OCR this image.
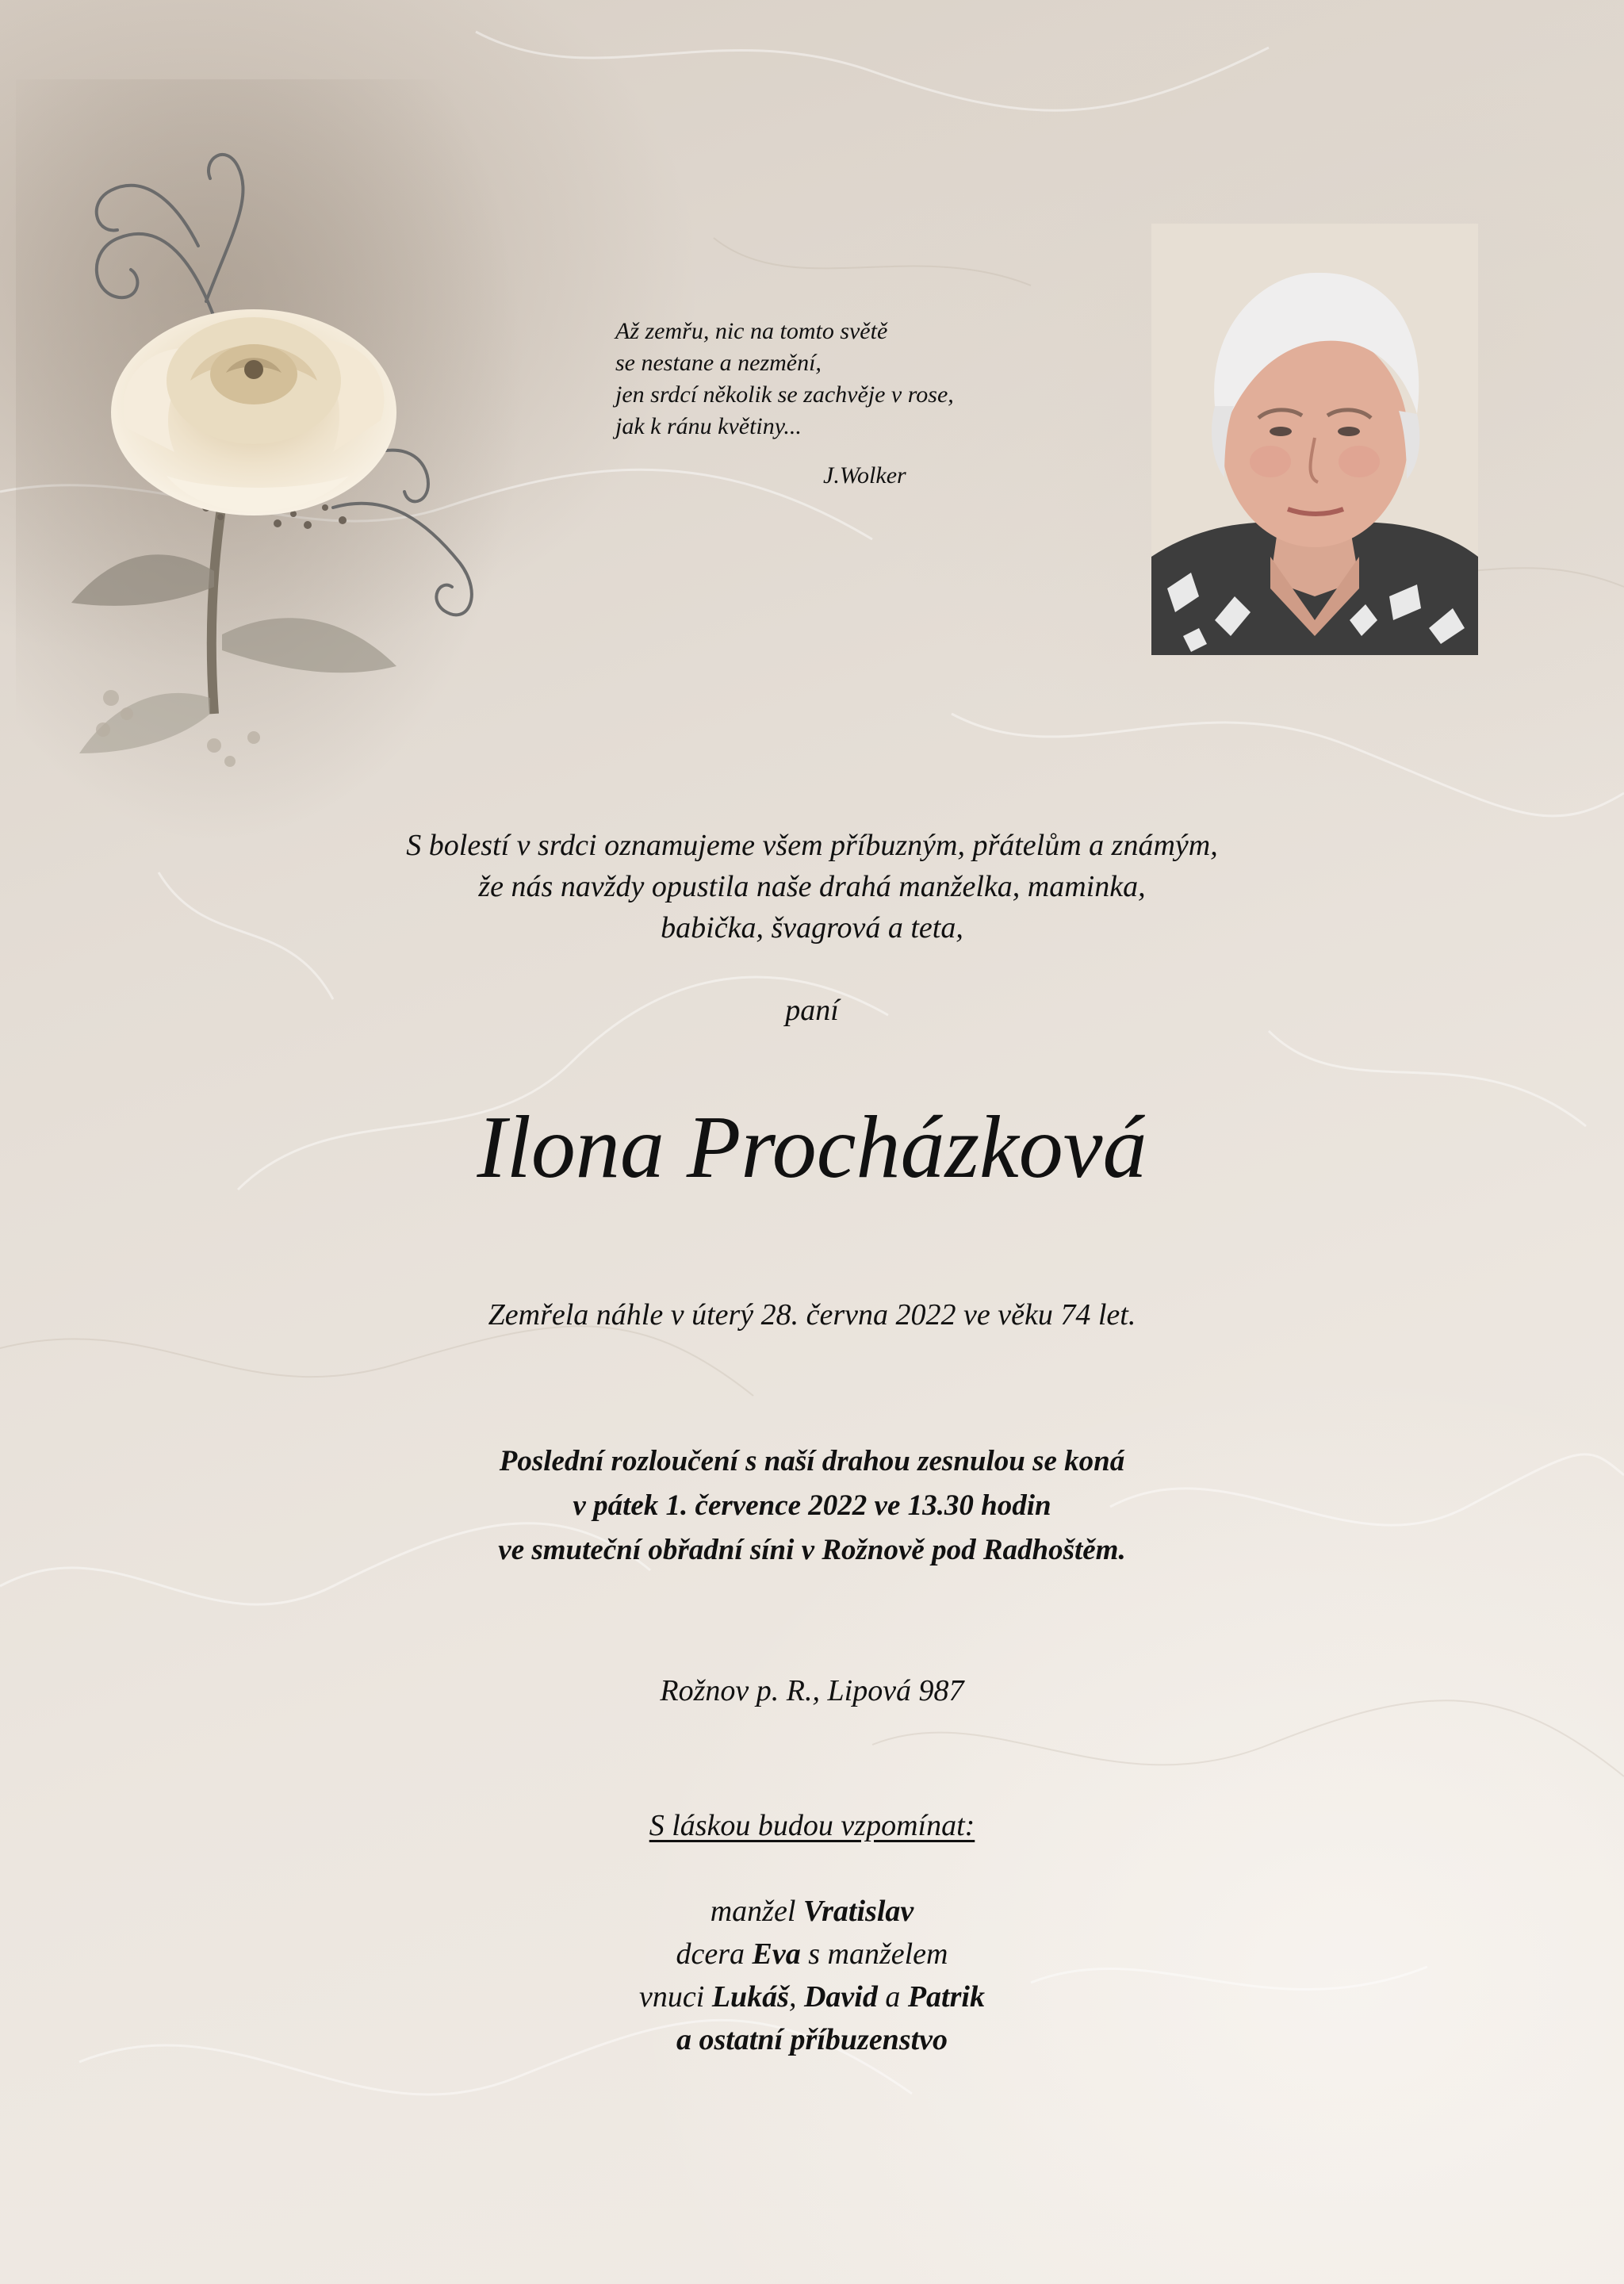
Až zemřu, nic na tomto světě
se nestane a nezmění,
jen srdcí několik se zachvěje v rose,
jak k ránu květiny...
J.Wolker
S bolestí v srdci oznamujeme všem příbuzným, přátelům a známým,
že nás navždy opustila naše drahá manželka, maminka,
babička, švagrová a teta,
paní
Ilona Procházková
Zemřela náhle v úterý 28. června 2022 ve věku 74 let.
Poslední rozloučení s naší drahou zesnulou se koná
v pátek 1. července 2022 ve 13.30 hodin
ve smuteční obřadní síni v Rožnově pod Radhoštěm.
Rožnov p. R., Lipová 987
S láskou budou vzpomínat:
manžel Vratislav
dcera Eva s manželem
vnuci Lukáš, David a Patrik
a ostatní příbuzenstvo
